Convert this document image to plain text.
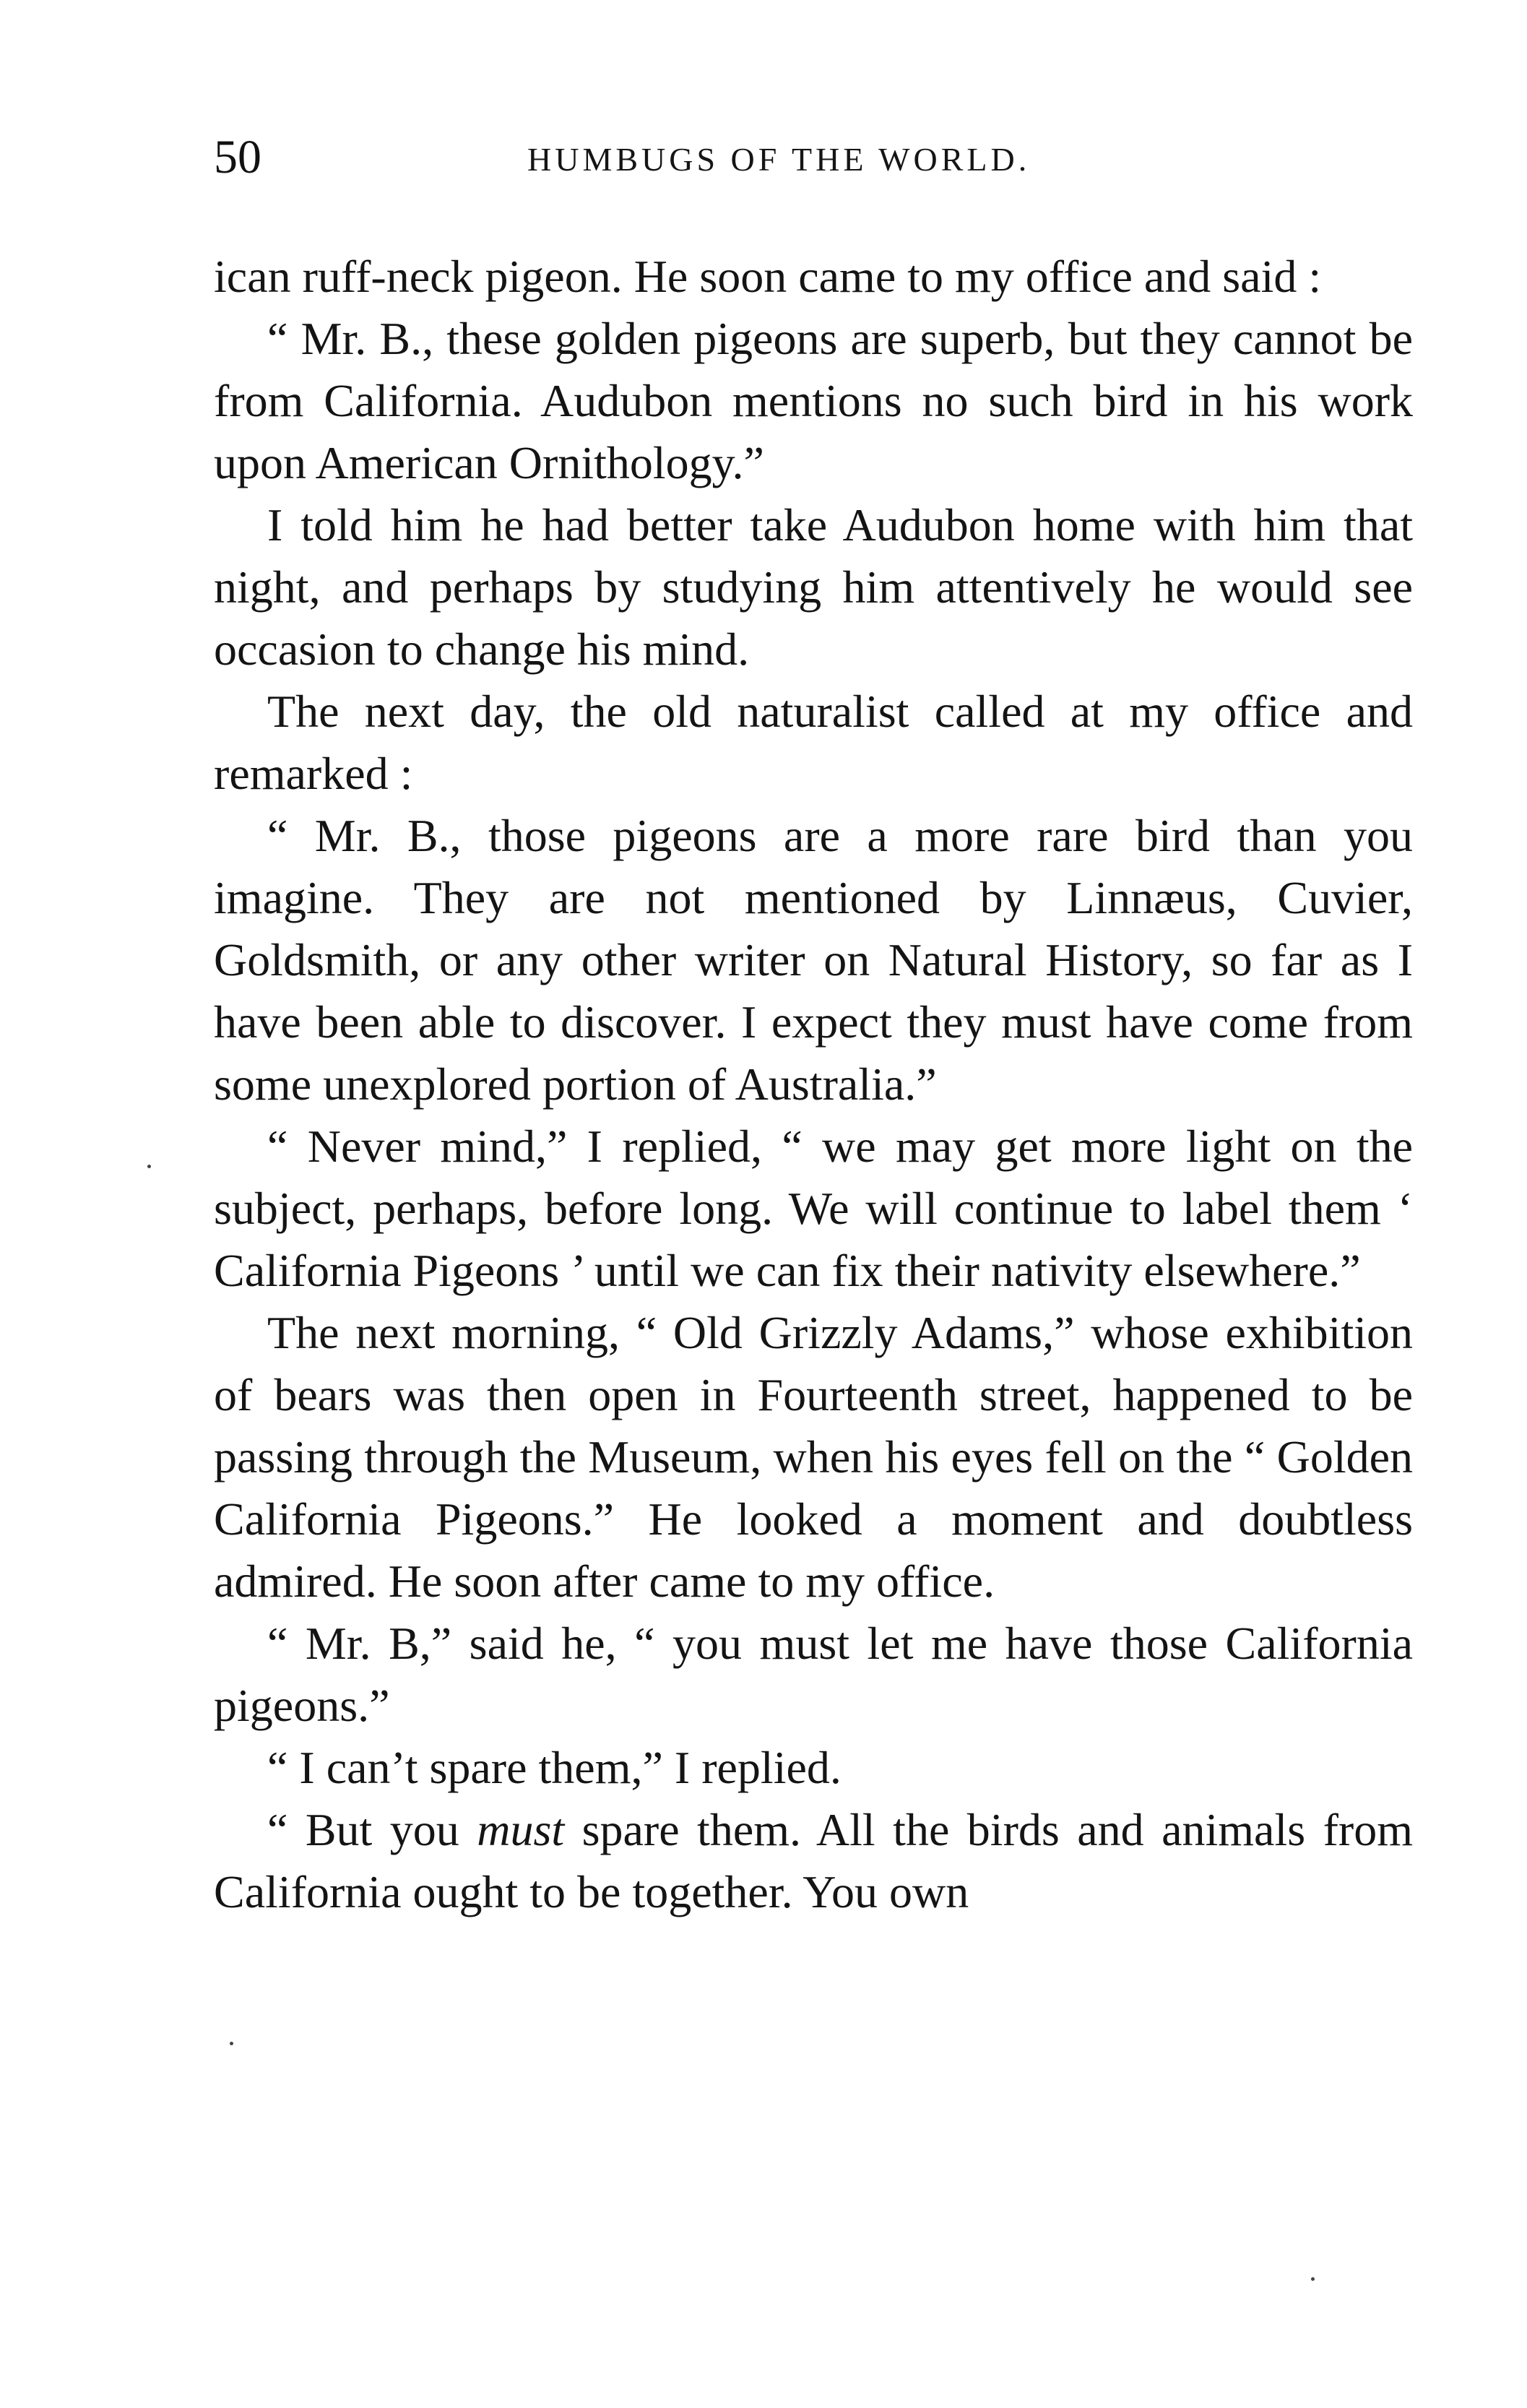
50	HUMBUGS OF THE WORLD.

ican ruff-neck pigeon. He soon came to my office and said :

“ Mr. B., these golden pigeons are superb, but they cannot be from California. Audubon mentions no such bird in his work upon American Ornithology.”

I told him he had better take Audubon home with him that night, and perhaps by studying him attentively he would see occasion to change his mind.

The next day, the old naturalist called at my office and remarked :

“ Mr. B., those pigeons are a more rare bird than you imagine. They are not mentioned by Linnæus, Cuvier, Goldsmith, or any other writer on Natural History, so far as I have been able to discover. I expect they must have come from some unexplored portion of Australia.”

“ Never mind,” I replied, “ we may get more light on the subject, perhaps, before long. We will continue to label them ‘ California Pigeons ’ until we can fix their nativity elsewhere.”

The next morning, “ Old Grizzly Adams,” whose exhibition of bears was then open in Fourteenth street, happened to be passing through the Museum, when his eyes fell on the “ Golden California Pigeons.” He looked a moment and doubtless admired. He soon after came to my office.

“ Mr. B,” said he, “ you must let me have those California pigeons.”

“ I can’t spare them,” I replied.

“ But you must spare them. All the birds and animals from California ought to be together. You own
